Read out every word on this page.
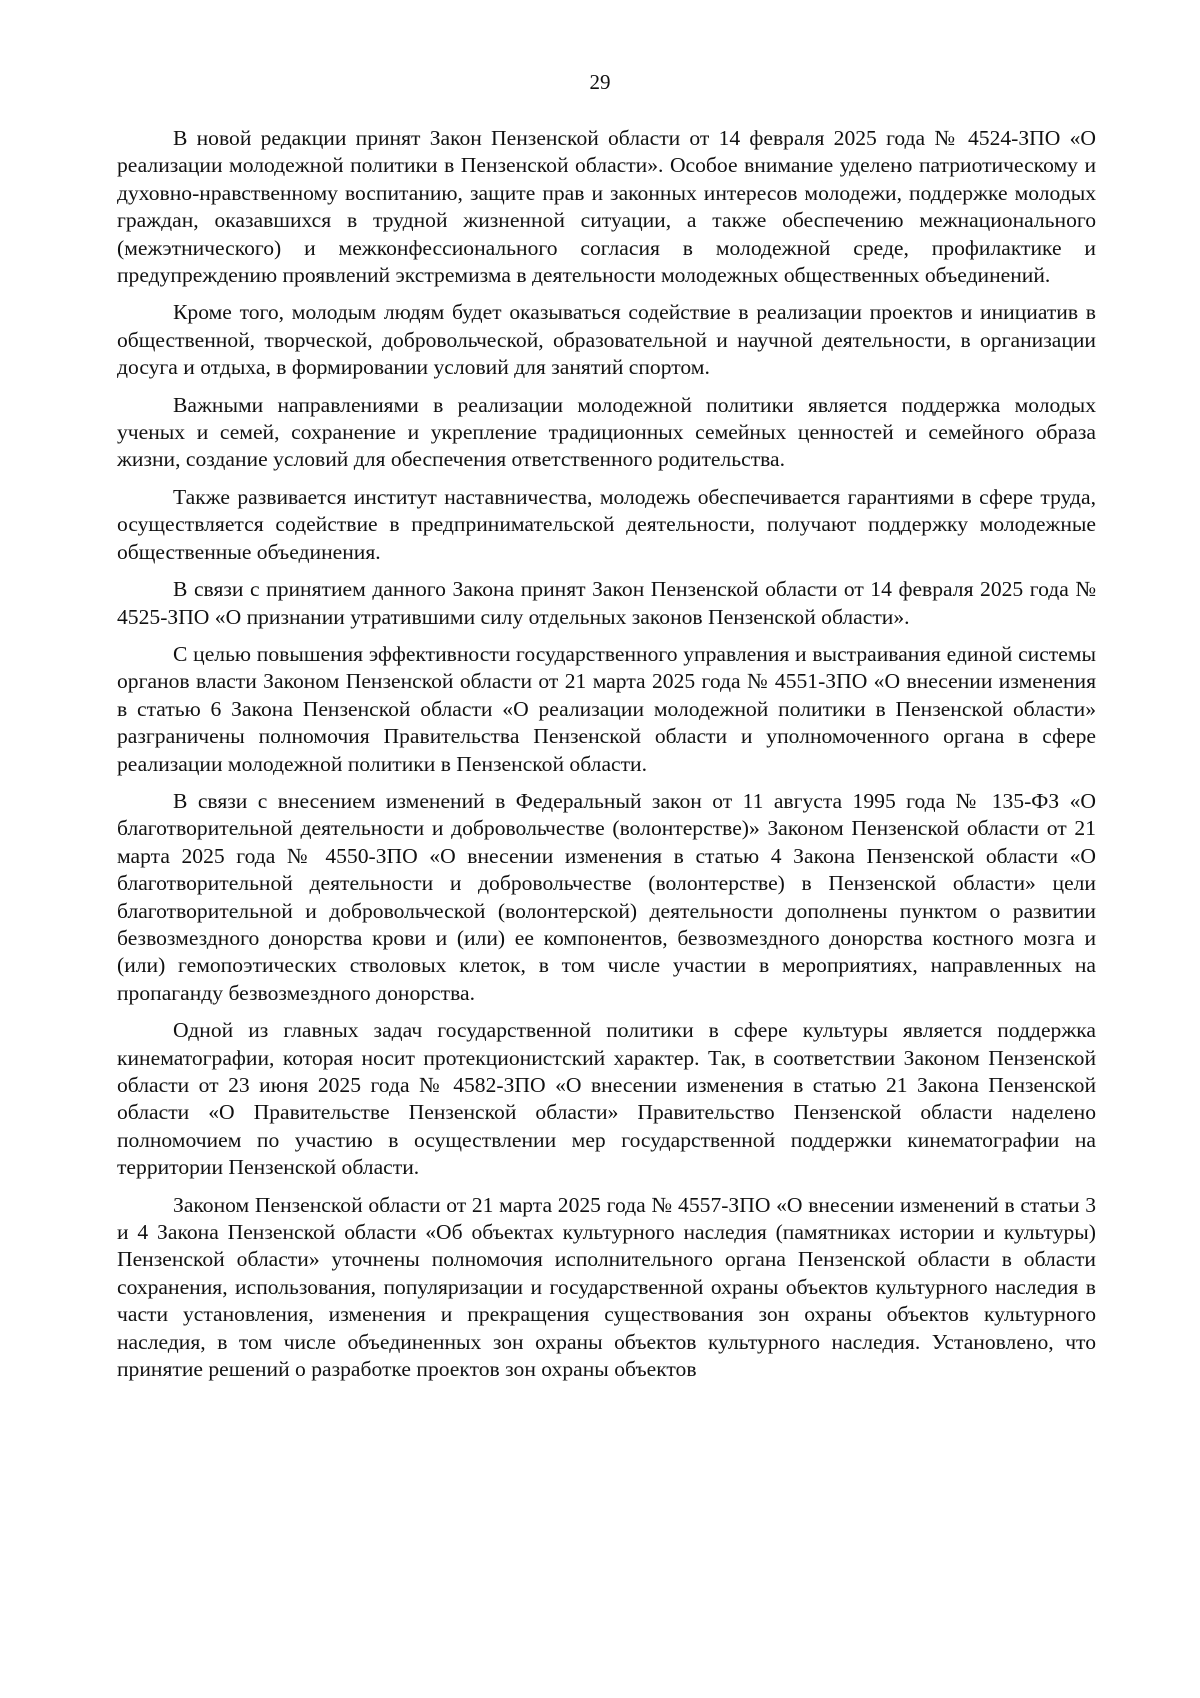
29

В новой редакции принят Закон Пензенской области от 14 февраля 2025 года № 4524-ЗПО «О реализации молодежной политики в Пензенской области». Особое внимание уделено патриотическому и духовно-нравственному воспитанию, защите прав и законных интересов молодежи, поддержке молодых граждан, оказавшихся в трудной жизненной ситуации, а также обеспечению межнационального (межэтнического) и межконфессионального согласия в молодежной среде, профилактике и предупреждению проявлений экстремизма в деятельности молодежных общественных объединений.

Кроме того, молодым людям будет оказываться содействие в реализации проектов и инициатив в общественной, творческой, добровольческой, образовательной и научной деятельности, в организации досуга и отдыха, в формировании условий для занятий спортом.

Важными направлениями в реализации молодежной политики является поддержка молодых ученых и семей, сохранение и укрепление традиционных семейных ценностей и семейного образа жизни, создание условий для обеспечения ответственного родительства.

Также развивается институт наставничества, молодежь обеспечивается гарантиями в сфере труда, осуществляется содействие в предпринимательской деятельности, получают поддержку молодежные общественные объединения.

В связи с принятием данного Закона принят Закон Пензенской области от 14 февраля 2025 года № 4525-ЗПО «О признании утратившими силу отдельных законов Пензенской области».

С целью повышения эффективности государственного управления и выстраивания единой системы органов власти Законом Пензенской области от 21 марта 2025 года № 4551-ЗПО «О внесении изменения в статью 6 Закона Пензенской области «О реализации молодежной политики в Пензенской области» разграничены полномочия Правительства Пензенской области и уполномоченного органа в сфере реализации молодежной политики в Пензенской области.

В связи с внесением изменений в Федеральный закон от 11 августа 1995 года № 135-ФЗ «О благотворительной деятельности и добровольчестве (волонтерстве)» Законом Пензенской области от 21 марта 2025 года № 4550-ЗПО «О внесении изменения в статью 4 Закона Пензенской области «О благотворительной деятельности и добровольчестве (волонтерстве) в Пензенской области» цели благотворительной и добровольческой (волонтерской) деятельности дополнены пунктом о развитии безвозмездного донорства крови и (или) ее компонентов, безвозмездного донорства костного мозга и (или) гемопоэтических стволовых клеток, в том числе участии в мероприятиях, направленных на пропаганду безвозмездного донорства.

Одной из главных задач государственной политики в сфере культуры является поддержка кинематографии, которая носит протекционистский характер. Так, в соответствии Законом Пензенской области от 23 июня 2025 года № 4582-ЗПО «О внесении изменения в статью 21 Закона Пензенской области «О Правительстве Пензенской области» Правительство Пензенской области наделено полномочием по участию в осуществлении мер государственной поддержки кинематографии на территории Пензенской области.

Законом Пензенской области от 21 марта 2025 года № 4557-ЗПО «О внесении изменений в статьи 3 и 4 Закона Пензенской области «Об объектах культурного наследия (памятниках истории и культуры) Пензенской области» уточнены полномочия исполнительного органа Пензенской области в области сохранения, использования, популяризации и государственной охраны объектов культурного наследия в части установления, изменения и прекращения существования зон охраны объектов культурного наследия, в том числе объединенных зон охраны объектов культурного наследия. Установлено, что принятие решений о разработке проектов зон охраны объектов
